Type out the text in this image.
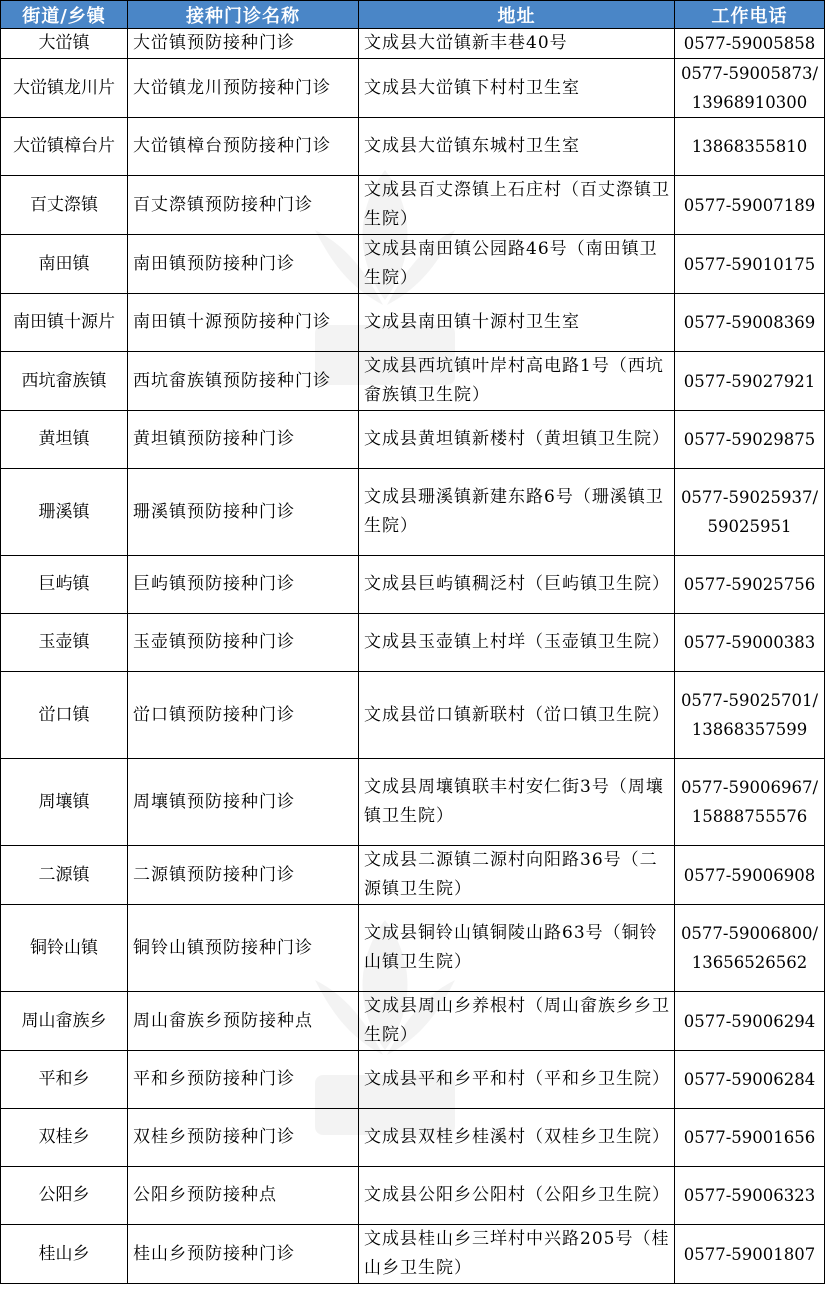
街道/乡镇	接种门诊名称	地址	工作电话
大峃镇	大峃镇预防接种门诊	文成县大峃镇新丰巷40号	0577-59005858
大峃镇龙川片	大峃镇龙川预防接种门诊	文成县大峃镇下村村卫生室	0577-59005873/13968910300
大峃镇樟台片	大峃镇樟台预防接种门诊	文成县大峃镇东城村卫生室	13868355810
百丈漈镇	百丈漈镇预防接种门诊	文成县百丈漈镇上石庄村（百丈漈镇卫生院）	0577-59007189
南田镇	南田镇预防接种门诊	文成县南田镇公园路46号（南田镇卫生院）	0577-59010175
南田镇十源片	南田镇十源预防接种门诊	文成县南田镇十源村卫生室	0577-59008369
西坑畲族镇	西坑畲族镇预防接种门诊	文成县西坑镇叶岸村高电路1号（西坑畲族镇卫生院）	0577-59027921
黄坦镇	黄坦镇预防接种门诊	文成县黄坦镇新楼村（黄坦镇卫生院）	0577-59029875
珊溪镇	珊溪镇预防接种门诊	文成县珊溪镇新建东路6号（珊溪镇卫生院）	0577-59025937/59025951
巨屿镇	巨屿镇预防接种门诊	文成县巨屿镇稠泛村（巨屿镇卫生院）	0577-59025756
玉壶镇	玉壶镇预防接种门诊	文成县玉壶镇上村垟（玉壶镇卫生院）	0577-59000383
峃口镇	峃口镇预防接种门诊	文成县峃口镇新联村（峃口镇卫生院）	0577-59025701/13868357599
周壤镇	周壤镇预防接种门诊	文成县周壤镇联丰村安仁街3号（周壤镇卫生院）	0577-59006967/15888755576
二源镇	二源镇预防接种门诊	文成县二源镇二源村向阳路36号（二源镇卫生院）	0577-59006908
铜铃山镇	铜铃山镇预防接种门诊	文成县铜铃山镇铜陵山路63号（铜铃山镇卫生院）	0577-59006800/13656526562
周山畲族乡	周山畲族乡预防接种点	文成县周山乡养根村（周山畲族乡乡卫生院）	0577-59006294
平和乡	平和乡预防接种门诊	文成县平和乡平和村（平和乡卫生院）	0577-59006284
双桂乡	双桂乡预防接种门诊	文成县双桂乡桂溪村（双桂乡卫生院）	0577-59001656
公阳乡	公阳乡预防接种点	文成县公阳乡公阳村（公阳乡卫生院）	0577-59006323
桂山乡	桂山乡预防接种门诊	文成县桂山乡三垟村中兴路205号（桂山乡卫生院）	0577-59001807
